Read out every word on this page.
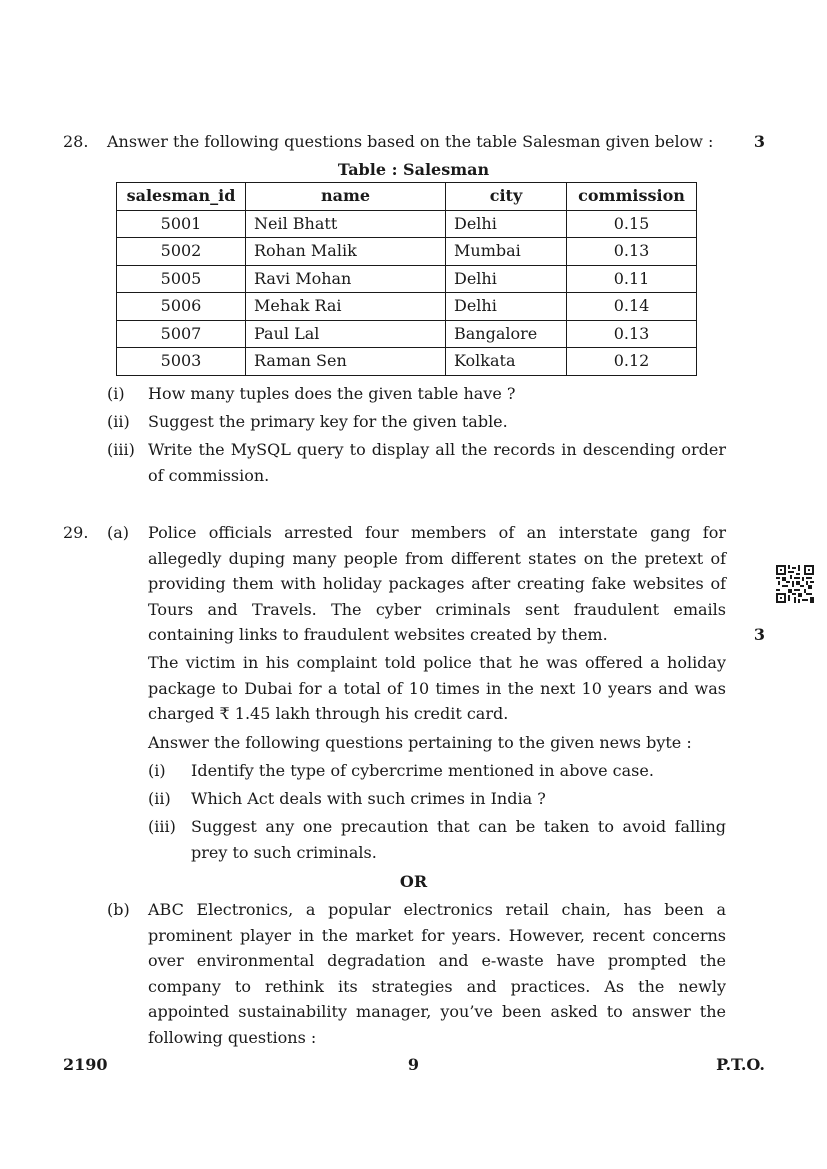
28. Answer the following questions based on the table Salesman given below :	3
Table : Salesman
salesman_id	name	city	commission
5001	Neil Bhatt	Delhi	0.15
5002	Rohan Malik	Mumbai	0.13
5005	Ravi Mohan	Delhi	0.11
5006	Mehak Rai	Delhi	0.14
5007	Paul Lal	Bangalore	0.13
5003	Raman Sen	Kolkata	0.12
(i) How many tuples does the given table have ?
(ii) Suggest the primary key for the given table.
(iii) Write the MySQL query to display all the records in descending order of commission.
29. (a) Police officials arrested four members of an interstate gang for allegedly duping many people from different states on the pretext of providing them with holiday packages after creating fake websites of Tours and Travels. The cyber criminals sent fraudulent emails containing links to fraudulent websites created by them.	3
The victim in his complaint told police that he was offered a holiday package to Dubai for a total of 10 times in the next 10 years and was charged ₹ 1.45 lakh through his credit card.
Answer the following questions pertaining to the given news byte :
(i) Identify the type of cybercrime mentioned in above case.
(ii) Which Act deals with such crimes in India ?
(iii) Suggest any one precaution that can be taken to avoid falling prey to such criminals.
OR
(b) ABC Electronics, a popular electronics retail chain, has been a prominent player in the market for years. However, recent concerns over environmental degradation and e-waste have prompted the company to rethink its strategies and practices. As the newly appointed sustainability manager, you’ve been asked to answer the following questions :
2190	9	P.T.O.
